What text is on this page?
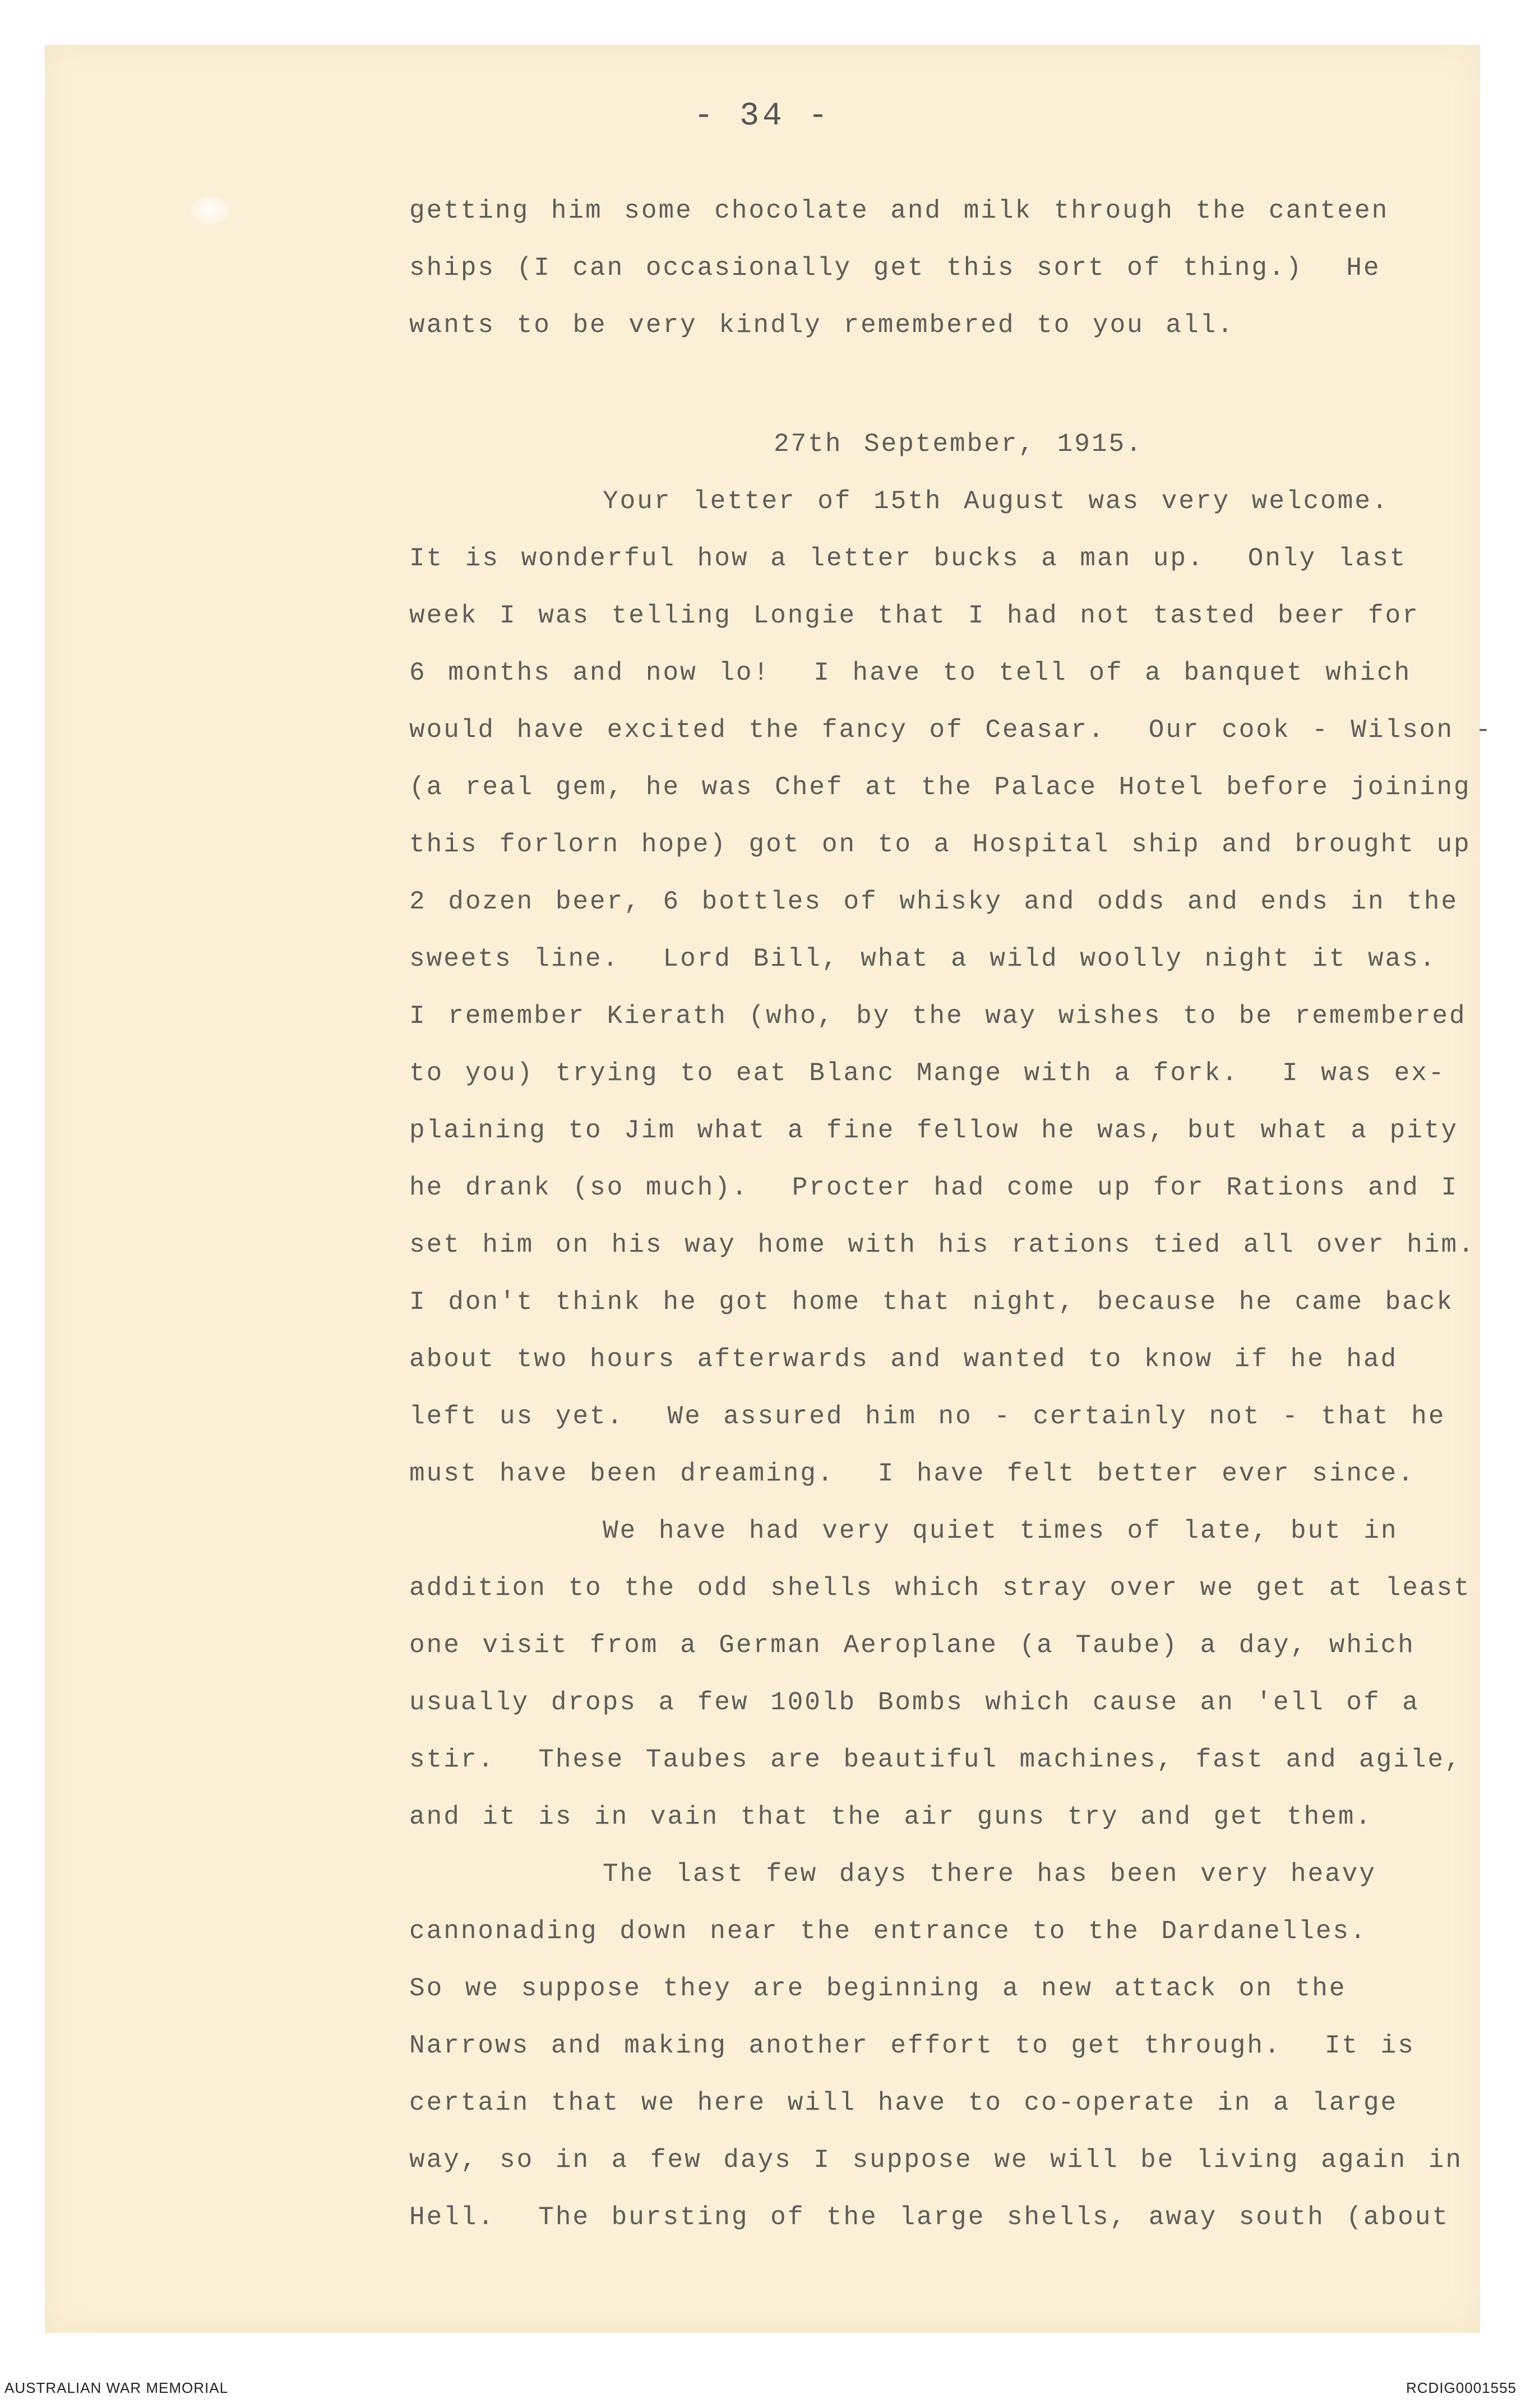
- 34 -
getting him some chocolate and milk through the canteen
ships (I can occasionally get this sort of thing.)  He
wants to be very kindly remembered to you all.
27th September, 1915.
Your letter of 15th August was very welcome.
It is wonderful how a letter bucks a man up.  Only last
week I was telling Longie that I had not tasted beer for
6 months and now lo!  I have to tell of a banquet which
would have excited the fancy of Ceasar.  Our cook - Wilson -
(a real gem, he was Chef at the Palace Hotel before joining
this forlorn hope) got on to a Hospital ship and brought up
2 dozen beer, 6 bottles of whisky and odds and ends in the
sweets line.  Lord Bill, what a wild woolly night it was.
I remember Kierath (who, by the way wishes to be remembered
to you) trying to eat Blanc Mange with a fork.  I was ex-
plaining to Jim what a fine fellow he was, but what a pity
he drank (so much).  Procter had come up for Rations and I
set him on his way home with his rations tied all over him.
I don't think he got home that night, because he came back
about two hours afterwards and wanted to know if he had
left us yet.  We assured him no - certainly not - that he
must have been dreaming.  I have felt better ever since.
We have had very quiet times of late, but in
addition to the odd shells which stray over we get at least
one visit from a German Aeroplane (a Taube) a day, which
usually drops a few 100lb Bombs which cause an 'ell of a
stir.  These Taubes are beautiful machines, fast and agile,
and it is in vain that the air guns try and get them.
The last few days there has been very heavy
cannonading down near the entrance to the Dardanelles.
So we suppose they are beginning a new attack on the
Narrows and making another effort to get through.  It is
certain that we here will have to co-operate in a large
way, so in a few days I suppose we will be living again in
Hell.  The bursting of the large shells, away south (about
AUSTRALIAN WAR MEMORIAL	RCDIG0001555
